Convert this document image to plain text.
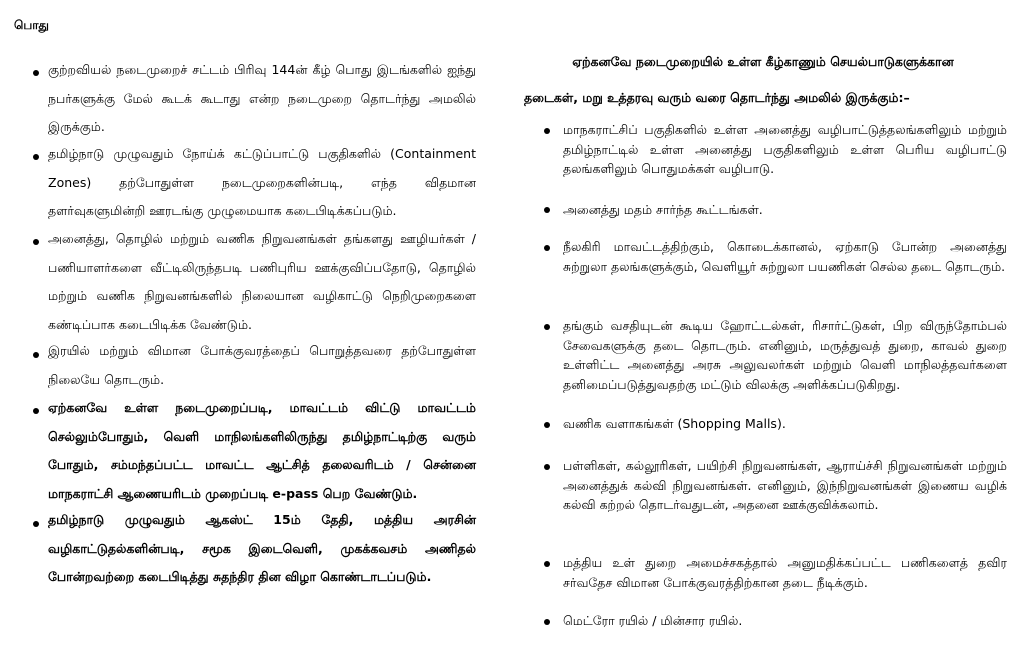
பொது
குற்றவியல் நடைமுறைச் சட்டம் பிரிவு 144ன் கீழ் பொது இடங்களில் ஐந்து நபர்களுக்கு மேல் கூடக் கூடாது என்ற நடைமுறை தொடர்ந்து அமலில் இருக்கும்.
தமிழ்நாடு முழுவதும் நோய்க் கட்டுப்பாட்டு பகுதிகளில் (Containment Zones) தற்போதுள்ள நடைமுறைகளின்படி, எந்த விதமான தளர்வுகளுமின்றி ஊரடங்கு முழுமையாக கடைபிடிக்கப்படும்.
அனைத்து, தொழில் மற்றும் வணிக நிறுவனங்கள் தங்களது ஊழியர்கள் / பணியாளர்களை வீட்டிலிருந்தபடி பணிபுரிய ஊக்குவிப்பதோடு, தொழில் மற்றும் வணிக நிறுவனங்களில் நிலையான வழிகாட்டு நெறிமுறைகளை கண்டிப்பாக கடைபிடிக்க வேண்டும்.
இரயில் மற்றும் விமான போக்குவரத்தைப் பொறுத்தவரை தற்போதுள்ள நிலையே தொடரும்.
ஏற்கனவே உள்ள நடைமுறைப்படி, மாவட்டம் விட்டு மாவட்டம் செல்லும்போதும், வெளி மாநிலங்களிலிருந்து தமிழ்நாட்டிற்கு வரும் போதும், சம்மந்தப்பட்ட மாவட்ட ஆட்சித் தலைவரிடம் / சென்னை மாநகராட்சி ஆணையரிடம் முறைப்படி e-pass பெற வேண்டும்.
தமிழ்நாடு முழுவதும் ஆகஸ்ட் 15ம் தேதி, மத்திய அரசின் வழிகாட்டுதல்களின்படி, சமூக இடைவெளி, முகக்கவசம் அணிதல் போன்றவற்றை கடைபிடித்து சுதந்திர தின விழா கொண்டாடப்படும்.
ஏற்கனவே நடைமுறையில் உள்ள கீழ்காணும் செயல்பாடுகளுக்கான
தடைகள், மறு உத்தரவு வரும் வரை தொடர்ந்து அமலில் இருக்கும்:–
மாநகராட்சிப் பகுதிகளில் உள்ள அனைத்து வழிபாட்டுத்தலங்களிலும் மற்றும் தமிழ்நாட்டில் உள்ள அனைத்து பகுதிகளிலும் உள்ள பெரிய வழிபாட்டு தலங்களிலும் பொதுமக்கள் வழிபாடு.
அனைத்து மதம் சார்ந்த கூட்டங்கள்.
நீலகிரி மாவட்டத்திற்கும், கொடைக்கானல், ஏற்காடு போன்ற அனைத்து சுற்றுலா தலங்களுக்கும், வெளியூர் சுற்றுலா பயணிகள் செல்ல தடை தொடரும்.
தங்கும் வசதியுடன் கூடிய ஹோட்டல்கள், ரிசார்ட்டுகள், பிற விருந்தோம்பல் சேவைகளுக்கு தடை தொடரும். எனினும், மருத்துவத் துறை, காவல் துறை உள்ளிட்ட அனைத்து அரசு அலுவலர்கள் மற்றும் வெளி மாநிலத்தவர்களை தனிமைப்படுத்துவதற்கு மட்டும் விலக்கு அளிக்கப்படுகிறது.
வணிக வளாகங்கள் (Shopping Malls).
பள்ளிகள், கல்லூரிகள், பயிற்சி நிறுவனங்கள், ஆராய்ச்சி நிறுவனங்கள் மற்றும் அனைத்துக் கல்வி நிறுவனங்கள். எனினும், இந்நிறுவனங்கள் இணைய வழிக் கல்வி கற்றல் தொடர்வதுடன், அதனை ஊக்குவிக்கலாம்.
மத்திய உள் துறை அமைச்சகத்தால் அனுமதிக்கப்பட்ட பணிகளைத் தவிர சர்வதேச விமான போக்குவரத்திற்கான தடை நீடிக்கும்.
மெட்ரோ ரயில் / மின்சார ரயில்.
